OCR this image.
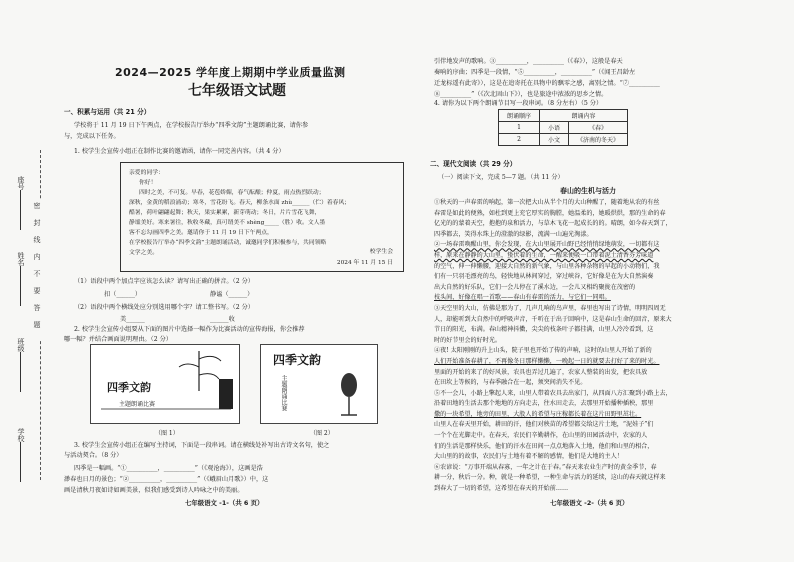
密封线内不要答题
座号
姓名
班级
学校
2024—2025 学年度上期期中学业质量监测
七年级语文试题
一、积累与运用（共 21 分）
学校将于 11 月 19 日下午两点，在学校报告厅举办“四季文韵”主题朗诵比赛，请你参
与，完成以下任务。
1. 校学生会宣传小组正在制作比赛的邀请函，请你一同完善内容。（共 4 分）
亲爱的同学：
你好！
四时之美，不可复。早春，花苞娇媚，春气酝酿；仲夏，雨点热烈跃动；
深秋，金黄的稻浪涌动；寒冬，雪花纷飞。春天，柳条水面 zhù______（伫）着春风；
酷暑，荷叶翩翩起舞；秋天，果实累累，新芽萌动；冬日，片片雪花飞舞，
静谧美好。寒来暑往，秋收冬藏，真可谓美不 shèng_____（胜）收。文人墨
客不忘勾画四季之美。邀请你于 11 月 19 日下午两点，
在学校报告厅举办“四季文韵”主题朗诵活动，诚邀同学们积极参与，共同领略
文学之美。	校学生会
2024 年 11 月 15 日
（1）语段中两个加点字应该怎么读？请写出正确的拼音。（2 分）
扣（______）	静谧（______）
（2）语段中两个横线处应分别选用哪个字？请工整书写。（2 分）
美______	______收
2. 校学生会宣传小组要从下面的图片中选择一幅作为比赛活动的宣传海报，你会推荐
哪一幅？并结合画面说明理由。（2 分）
四季文韵
主题朗诵比赛
（图 1）
四季文韵
主题朗诵比赛
（图 2）
3. 校学生会宣传小组正在编写主持词，下面是一段串词。请在横线处补写出古诗文名句，使之
与活动契合。（8 分）
四季是一幅画。“①__________，__________”（《观沧海》），这画是浩
渺春也日月的景色；“②__________，__________”（《峨眉山月歌》）中，这
画是清秋月夜如诗如画美景，似我们感受到诗人吟咏之中的美丽。
七年级语文 -1-（共 6 页）
引伴地发声的歌响。③__________，__________（《春》），这般是春天
奏响的序曲；四季是一段情，“⑤__________，__________”（《闻王昌龄左
迁龙标遥有此寄》），这是在追寄托在具物中的飘零之感，离别之情。“⑦__________
⑧__________”（《次北固山下》），也是旅途中浓浓的思乡之情。
4. 请你为以下两个朗诵节目写一段串词。（8 分左右）（5 分）
朗诵顺序	朗诵内容	
1	小语	《春》
2	小文	《济南的冬天》
二、现代文阅读（共 29 分）
（一）阅读下文，完成 5—7 题。（共 11 分）
春山的生机与活力
①秋天的一声春雷的响起，第一次把大山从半个月的大山种醒了，随着地从农的有丝
春雷是如此的便熟，如杜到更上充它厚实的胸膛，她温柔的，她暖烘烘，那的生命的春
亿光的的蒙着天空，抱抱的泉和活力，与草木飞花一起成长的的。晴朗，如今春天到了，
四季都去，笑得水珠上的澄澈的绿影，流满一山遍光淘漾。
②一场春雷唤醒山里，你会发现，在大山里展开山野已经悄悄绿地萌发，一切都有这
样，原来在静静的大山里，蛰伏着的生命，一醒来便吸一口带着泥土清香芬芳味道
的空气，伸一伸懒腰，迎接大自然的新气象，与山里各种杂物的早起的小动物们，我
们有一只羽毛漂亮的鸟，轻快地从林间穿过，穿过峡谷，它好像是在为大自然演奏
出大自然的好乐队，它们一会儿停在了溪水边，一会儿又相约聚拢在茂密的
枝头间，好像在唱一首歌——春山有春雷的活力，与它们一同唱。
③天空里的大山，仿佛是那为了，几声几响的鸟声里，春里也写出了诗情，明明四周无
人，却能听到大自然中的呼吸声音，千听在于出于回响中，这是春山生命的回音，原来大
节日的阳光，布满。春山精神抖擞，尖尖的枝条叶子都挂满，山里人冷冷看到，这
时的好节里会的好时光。
④夜! 太阳刚刚的升上山头，院子里也开始了传的声响，这时的山里人开始了新的
人们开始准备春耕了，不再像冬日那样懒懒，一晚起一日的就要去打好了来的时光。
里面的开始的来了的好风景，农具也弄过几遍了，农家人整装的出发，把农具放
在田坎上等候的，与春季融合在一起，须突间消失不见。
⑤不一会儿，小路上擎起人来，山里人带着农具去出家门，从四面八方汇聚到小路上去，
沿着田地的生活去那个地地的方向走去，往水田走去，去那里开始播种插秧，那里
撒的一块希望，地旁的田里，大股人的希望与庄稼都长着在这片田野里茁壮。
山里人在春天里开始，耕田的汗，他们对秧苗的希望都交给这片土地，“泥娃子”们
一个个在光脚走中。在春天，农民们辛勤耕作，在山里的田园活动中，农家的人
们的生活是那样快乐，他们的汗水在田间一点点地落入土地，他们和山里的相合，
大山里的的故事，农民们与土地有着不解的感情，他们是大地的主人！
⑥农谚说：“万事开端从春寡，一年之计在于春。”春天来农业生产时的黄金季节，春
耕一分，秋后一分。种，就是一种希望，一种生命与活力的延续，这山的春天就这样来
到春大了一切的希望，这希望在春天的开始前……
七年级语文 -2-（共 6 页）
